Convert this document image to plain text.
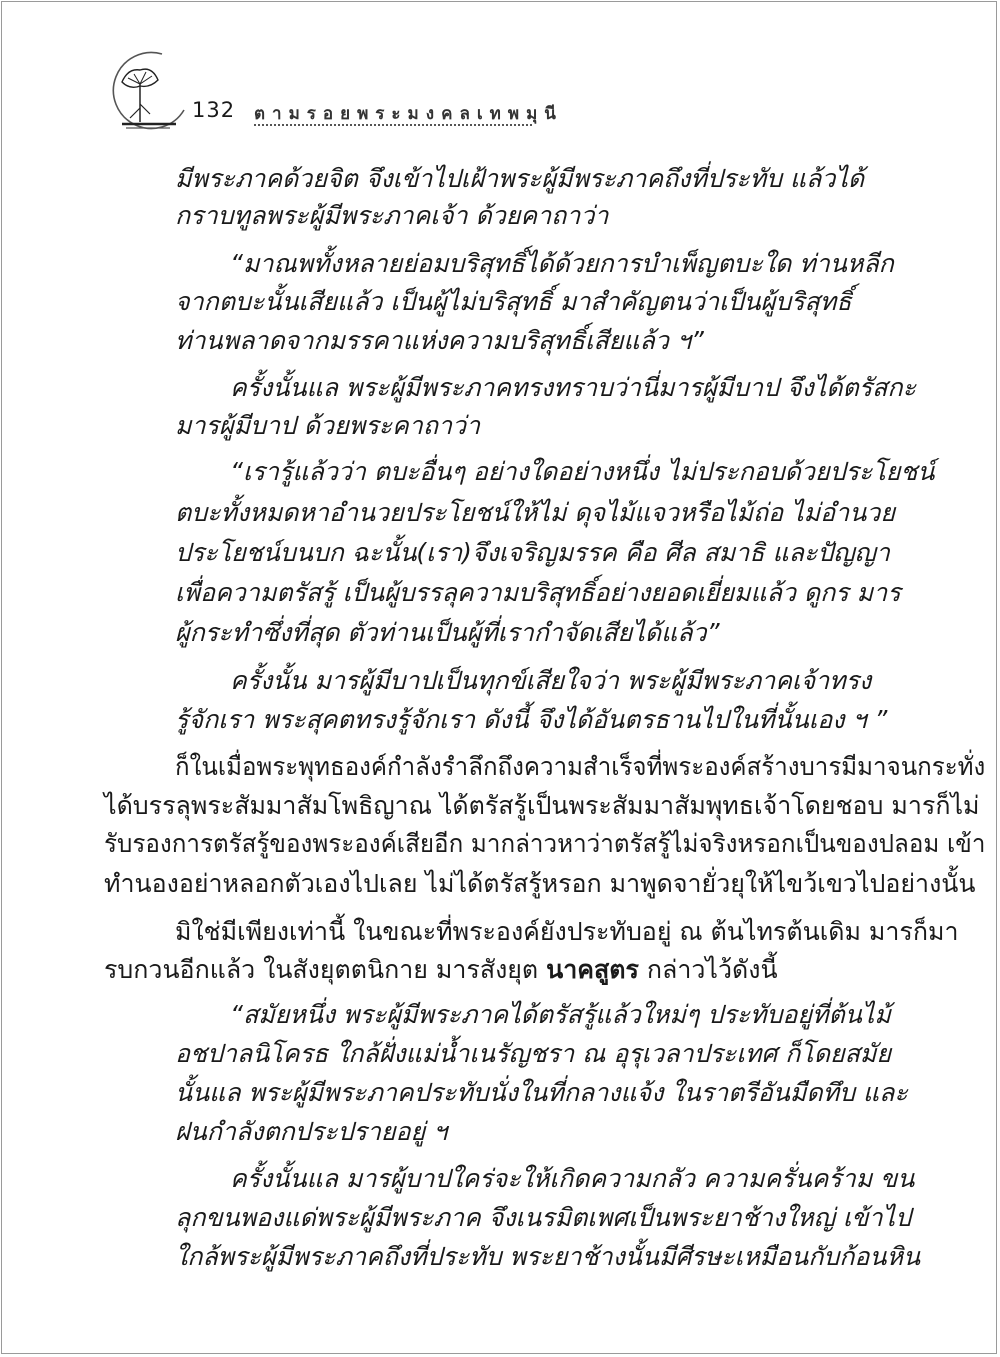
132 ตามรอยพระมงคลเทพมุนี
มีพระภาคด้วยจิต จึงเข้าไปเฝ้าพระผู้มีพระภาคถึงที่ประทับ แล้วได้
กราบทูลพระผู้มีพระภาคเจ้า ด้วยคาถาว่า
“มาณพทั้งหลายย่อมบริสุทธิ์ได้ด้วยการบำเพ็ญตบะใด ท่านหลีก
จากตบะนั้นเสียแล้ว เป็นผู้ไม่บริสุทธิ์ มาสำคัญตนว่าเป็นผู้บริสุทธิ์
ท่านพลาดจากมรรคาแห่งความบริสุทธิ์เสียแล้ว ฯ”
ครั้งนั้นแล พระผู้มีพระภาคทรงทราบว่านี่มารผู้มีบาป จึงได้ตรัสกะ
มารผู้มีบาป ด้วยพระคาถาว่า
“เรารู้แล้วว่า ตบะอื่นๆ อย่างใดอย่างหนึ่ง ไม่ประกอบด้วยประโยชน์
ตบะทั้งหมดหาอำนวยประโยชน์ให้ไม่ ดุจไม้แจวหรือไม้ถ่อ ไม่อำนวย
ประโยชน์บนบก ฉะนั้น(เรา)จึงเจริญมรรค คือ ศีล สมาธิ และปัญญา
เพื่อความตรัสรู้ เป็นผู้บรรลุความบริสุทธิ์อย่างยอดเยี่ยมแล้ว ดูกร มาร
ผู้กระทำซึ่งที่สุด ตัวท่านเป็นผู้ที่เรากำจัดเสียได้แล้ว”
ครั้งนั้น มารผู้มีบาปเป็นทุกข์เสียใจว่า พระผู้มีพระภาคเจ้าทรง
รู้จักเรา พระสุคตทรงรู้จักเรา ดังนี้ จึงได้อันตรธานไปในที่นั้นเอง ฯ ”
ก็ในเมื่อพระพุทธองค์กำลังรำลึกถึงความสำเร็จที่พระองค์สร้างบารมีมาจนกระทั่ง
ได้บรรลุพระสัมมาสัมโพธิญาณ ได้ตรัสรู้เป็นพระสัมมาสัมพุทธเจ้าโดยชอบ มารก็ไม่
รับรองการตรัสรู้ของพระองค์เสียอีก มากล่าวหาว่าตรัสรู้ไม่จริงหรอกเป็นของปลอม เข้า
ทำนองอย่าหลอกตัวเองไปเลย ไม่ได้ตรัสรู้หรอก มาพูดจายั่วยุให้ไขว้เขวไปอย่างนั้น
มิใช่มีเพียงเท่านี้ ในขณะที่พระองค์ยังประทับอยู่ ณ ต้นไทรต้นเดิม มารก็มา
รบกวนอีกแล้ว ในสังยุตตนิกาย มารสังยุต นาคสูตร กล่าวไว้ดังนี้
“สมัยหนึ่ง พระผู้มีพระภาคได้ตรัสรู้แล้วใหม่ๆ ประทับอยู่ที่ต้นไม้
อชปาลนิโครธ ใกล้ฝั่งแม่น้ำเนรัญชรา ณ อุรุเวลาประเทศ ก็โดยสมัย
นั้นแล พระผู้มีพระภาคประทับนั่งในที่กลางแจ้ง ในราตรีอันมืดทึบ และ
ฝนกำลังตกประปรายอยู่ ฯ
ครั้งนั้นแล มารผู้บาปใคร่จะให้เกิดความกลัว ความครั่นคร้าม ขน
ลุกขนพองแด่พระผู้มีพระภาค จึงเนรมิตเพศเป็นพระยาช้างใหญ่ เข้าไป
ใกล้พระผู้มีพระภาคถึงที่ประทับ พระยาช้างนั้นมีศีรษะเหมือนกับก้อนหิน
